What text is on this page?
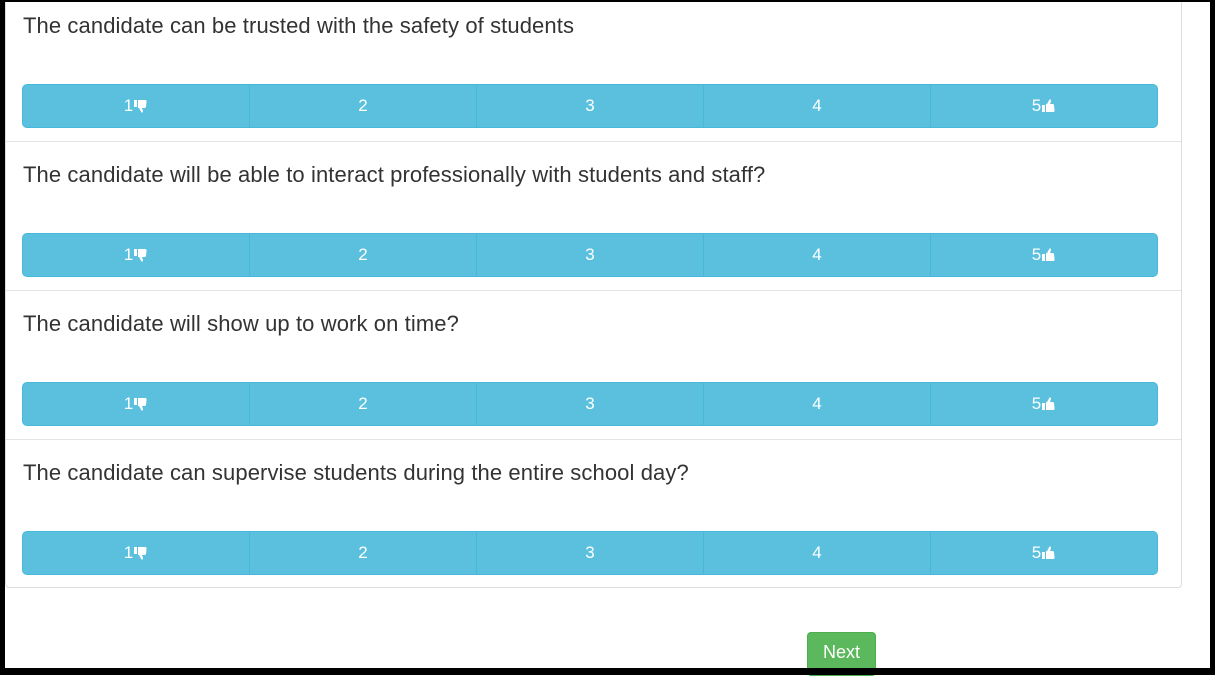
The candidate can be trusted with the safety of students
1	2	3	4	5
The candidate will be able to interact professionally with students and staff?
1	2	3	4	5
The candidate will show up to work on time?
1	2	3	4	5
The candidate can supervise students during the entire school day?
1	2	3	4	5
Next
